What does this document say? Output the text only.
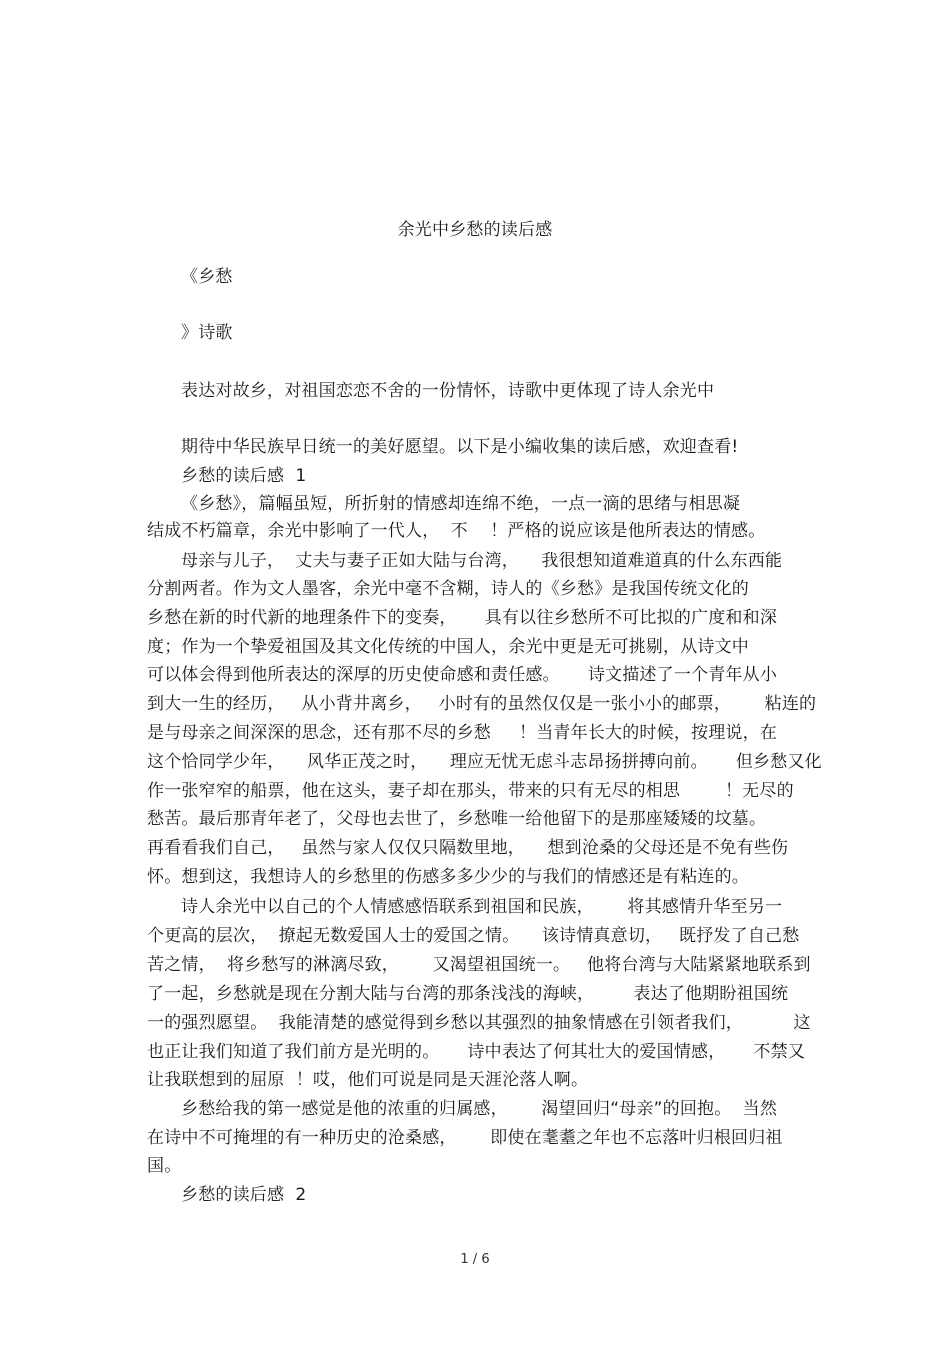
余光中乡愁的读后感
《乡愁
》诗歌
表达对故乡，对祖国恋恋不舍的一份情怀，诗歌中更体现了诗人余光中
期待中华民族早日统一的美好愿望。以下是小编收集的读后感，欢迎查看!
乡愁的读后感  1
《乡愁》，篇幅虽短，所折射的情感却连绵不绝，一点一滴的思绪与相思凝
结成不朽篇章，余光中影响了一代人，  不    ！严格的说应该是他所表达的情感。
母亲与儿子，  丈夫与妻子正如大陆与台湾，    我很想知道难道真的什么东西能
分割两者。作为文人墨客，余光中毫不含糊，诗人的《乡愁》是我国传统文化的
乡愁在新的时代新的地理条件下的变奏，     具有以往乡愁所不可比拟的广度和和深
度；作为一个挚爱祖国及其文化传统的中国人，余光中更是无可挑剔，从诗文中
可以体会得到他所表达的深厚的历史使命感和责任感。     诗文描述了一个青年从小
到大一生的经历，   从小背井离乡，   小时有的虽然仅仅是一张小小的邮票，      粘连的
是与母亲之间深深的思念，还有那不尽的乡愁     ！当青年长大的时候，按理说，在
这个恰同学少年，    风华正茂之时，    理应无忧无虑斗志昂扬拼搏向前。     但乡愁又化
作一张窄窄的船票，他在这头，妻子却在那头，带来的只有无尽的相思        ！无尽的
愁苦。最后那青年老了，父母也去世了，乡愁唯一给他留下的是那座矮矮的坟墓。
再看看我们自己，   虽然与家人仅仅只隔数里地，    想到沧桑的父母还是不免有些伤
怀。想到这，我想诗人的乡愁里的伤感多多少少的与我们的情感还是有粘连的。
诗人余光中以自己的个人情感感悟联系到祖国和民族，      将其感情升华至另一
个更高的层次，  撩起无数爱国人士的爱国之情。    该诗情真意切，   既抒发了自己愁
苦之情，  将乡愁写的淋漓尽致，      又渴望祖国统一。   他将台湾与大陆紧紧地联系到
了一起，乡愁就是现在分割大陆与台湾的那条浅浅的海峡，       表达了他期盼祖国统
一的强烈愿望。  我能清楚的感觉得到乡愁以其强烈的抽象情感在引领者我们，         这
也正让我们知道了我们前方是光明的。     诗中表达了何其壮大的爱国情感，     不禁又
让我联想到的屈原  ！哎，他们可说是同是天涯沦落人啊。
乡愁给我的第一感觉是他的浓重的归属感，      渴望回归“母亲”的回抱。  当然
在诗中不可掩埋的有一种历史的沧桑感，      即使在耄耋之年也不忘落叶归根回归祖
国。
乡愁的读后感  2
1 / 6
